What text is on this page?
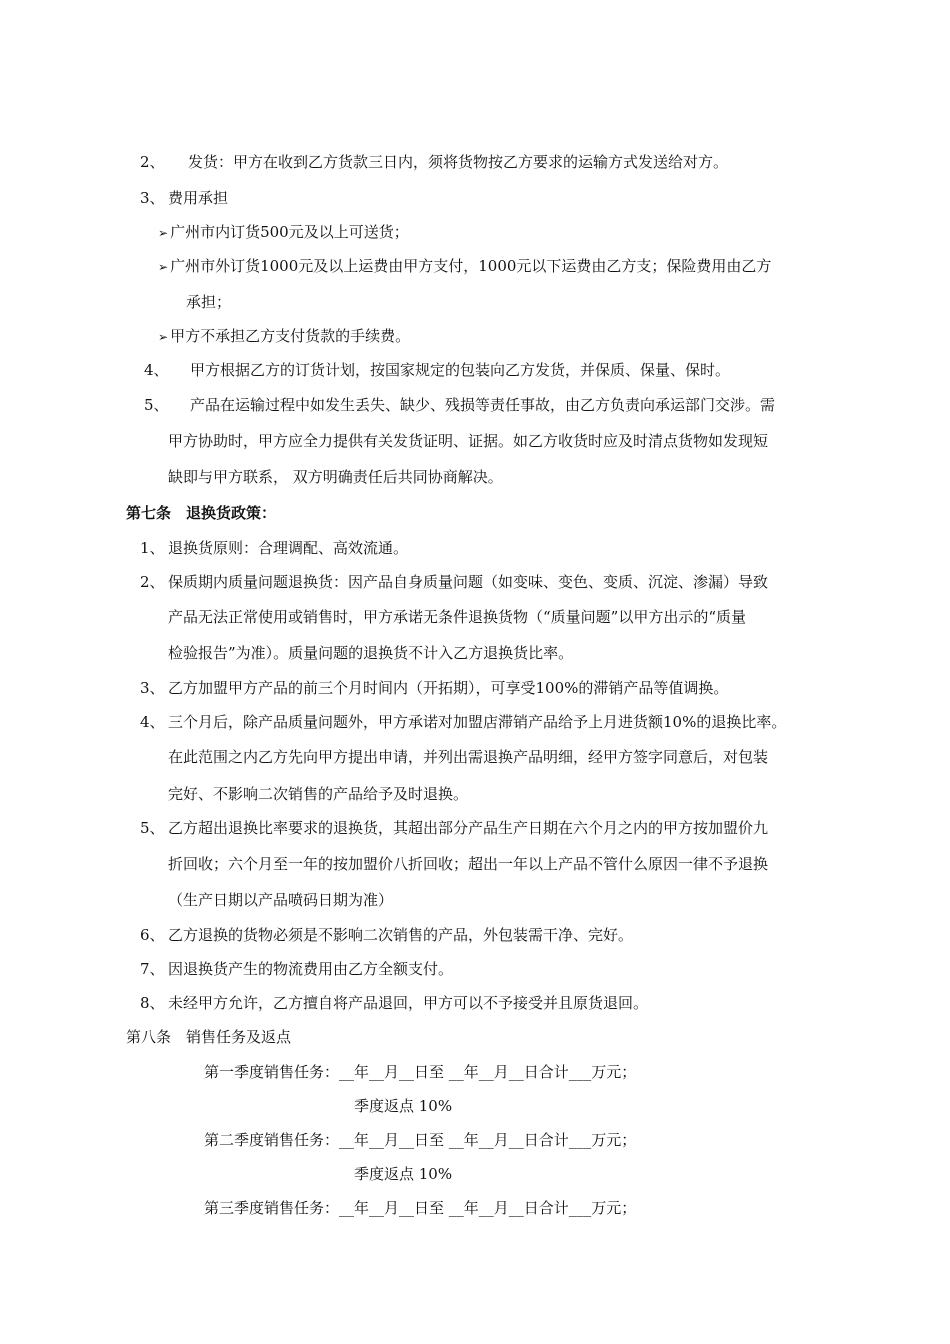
2、 发货：甲方在收到乙方货款三日内，须将货物按乙方要求的运输方式发送给对方。
3、 费用承担
➢ 广州市内订货500元及以上可送货；
➢ 广州市外订货1000元及以上运费由甲方支付，1000元以下运费由乙方支；保险费用由乙方
承担；
➢ 甲方不承担乙方支付货款的手续费。
4、 甲方根据乙方的订货计划，按国家规定的包装向乙方发货，并保质、保量、保时。
5、 产品在运输过程中如发生丢失、缺少、残损等责任事故，由乙方负责向承运部门交涉。需
甲方协助时，甲方应全力提供有关发货证明、证据。如乙方收货时应及时清点货物如发现短
缺即与甲方联系， 双方明确责任后共同协商解决。
第七条　退换货政策：
1、 退换货原则：合理调配、高效流通。
2、 保质期内质量问题退换货：因产品自身质量问题（如变味、变色、变质、沉淀、渗漏）导致
产品无法正常使用或销售时，甲方承诺无条件退换货物（“质量问题”以甲方出示的“质量
检验报告”为准）。质量问题的退换货不计入乙方退换货比率。
3、 乙方加盟甲方产品的前三个月时间内（开拓期），可享受100%的滞销产品等值调换。
4、 三个月后，除产品质量问题外，甲方承诺对加盟店滞销产品给予上月进货额10%的退换比率。
在此范围之内乙方先向甲方提出申请，并列出需退换产品明细，经甲方签字同意后，对包装
完好、不影响二次销售的产品给予及时退换。
5、 乙方超出退换比率要求的退换货，其超出部分产品生产日期在六个月之内的甲方按加盟价九
折回收；六个月至一年的按加盟价八折回收；超出一年以上产品不管什么原因一律不予退换
（生产日期以产品喷码日期为准）
6、 乙方退换的货物必须是不影响二次销售的产品，外包装需干净、完好。
7、 因退换货产生的物流费用由乙方全额支付。
8、 未经甲方允许，乙方擅自将产品退回，甲方可以不予接受并且原货退回。
第八条　销售任务及返点
第一季度销售任务：__年__月__日至 __年__月__日合计___万元；
季度返点 10%
第二季度销售任务：__年__月__日至 __年__月__日合计___万元；
季度返点 10%
第三季度销售任务：__年__月__日至 __年__月__日合计___万元；
